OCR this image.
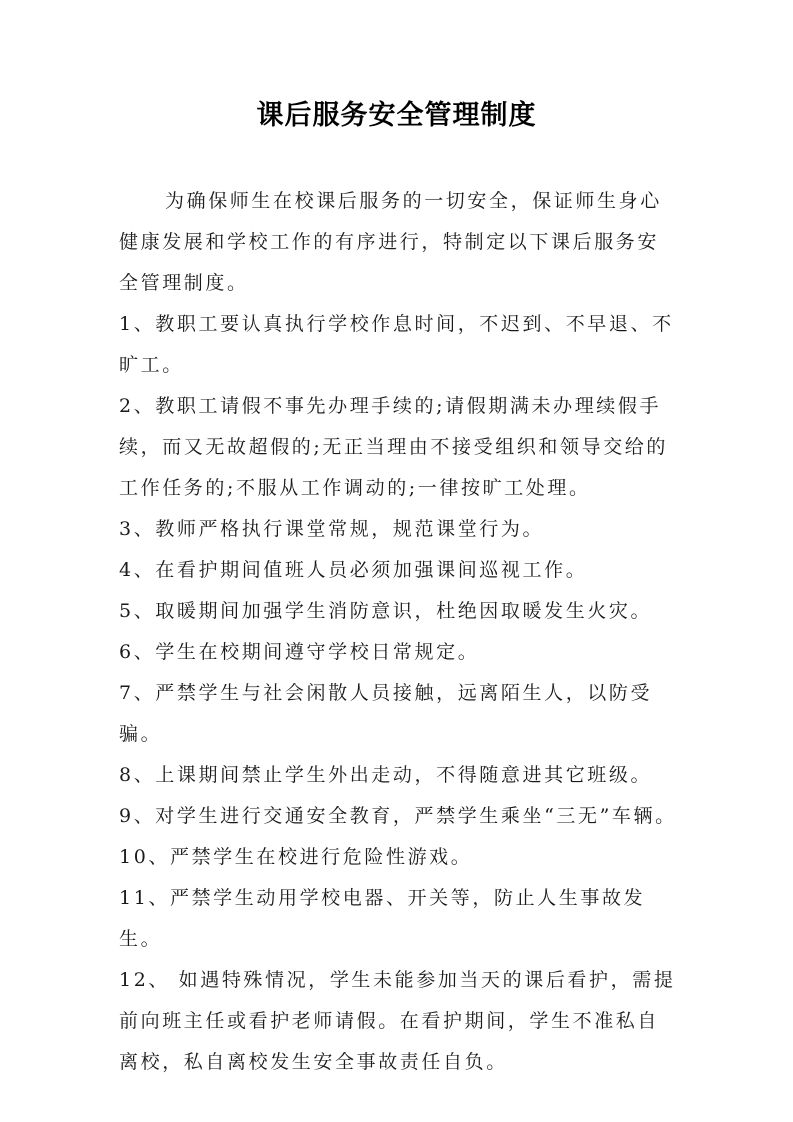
课后服务安全管理制度

为确保师生在校课后服务的一切安全，保证师生身心健康发展和学校工作的有序进行，特制定以下课后服务安全管理制度。

1、教职工要认真执行学校作息时间，不迟到、不早退、不旷工。

2、教职工请假不事先办理手续的;请假期满未办理续假手续，而又无故超假的;无正当理由不接受组织和领导交给的工作任务的;不服从工作调动的;一律按旷工处理。

3、教师严格执行课堂常规，规范课堂行为。

4、在看护期间值班人员必须加强课间巡视工作。

5、取暖期间加强学生消防意识，杜绝因取暖发生火灾。

6、学生在校期间遵守学校日常规定。

7、严禁学生与社会闲散人员接触，远离陌生人，以防受骗。

8、上课期间禁止学生外出走动，不得随意进其它班级。

9、对学生进行交通安全教育，严禁学生乘坐“三无”车辆。

10、严禁学生在校进行危险性游戏。

11、严禁学生动用学校电器、开关等，防止人生事故发生。

12、 如遇特殊情况，学生未能参加当天的课后看护，需提前向班主任或看护老师请假。在看护期间，学生不准私自离校，私自离校发生安全事故责任自负。
